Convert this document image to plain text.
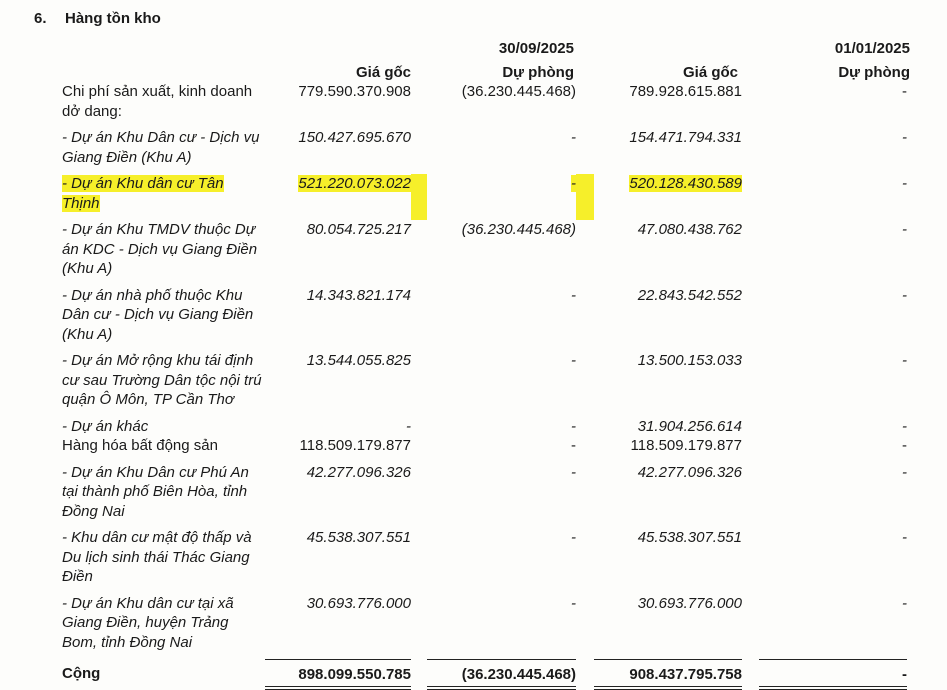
6. Hàng tồn kho
30/09/2025	01/01/2025
Giá gốc	Dự phòng	Giá gốc	Dự phòng
Chi phí sản xuất, kinh doanh dở dang:	779.590.370.908		(36.230.445.468)		789.928.615.881		-
- Dự án Khu Dân cư - Dịch vụ Giang Điền (Khu A)	150.427.695.670		-		154.471.794.331		-
- Dự án Khu dân cư Tân Thịnh	521.220.073.022		-		520.128.430.589		-
- Dự án Khu TMDV thuộc Dự án KDC - Dịch vụ Giang Điền (Khu A)	80.054.725.217		(36.230.445.468)		47.080.438.762		-
- Dự án nhà phố thuộc Khu Dân cư - Dịch vụ Giang Điền (Khu A)	14.343.821.174		-		22.843.542.552		-
- Dự án Mở rộng khu tái định cư sau Trường Dân tộc nội trú quận Ô Môn, TP Cần Thơ	13.544.055.825		-		13.500.153.033		-
- Dự án khác	-		-		31.904.256.614		-
Hàng hóa bất động sản	118.509.179.877		-		118.509.179.877		-
- Dự án Khu Dân cư Phú An tại thành phố Biên Hòa, tỉnh Đồng Nai	42.277.096.326		-		42.277.096.326		-
- Khu dân cư mật độ thấp và Du lịch sinh thái Thác Giang Điền	45.538.307.551		-		45.538.307.551		-
- Dự án Khu dân cư tại xã Giang Điền, huyện Trảng Bom, tỉnh Đồng Nai	30.693.776.000		-		30.693.776.000		-
Cộng	898.099.550.785		(36.230.445.468)		908.437.795.758		-
